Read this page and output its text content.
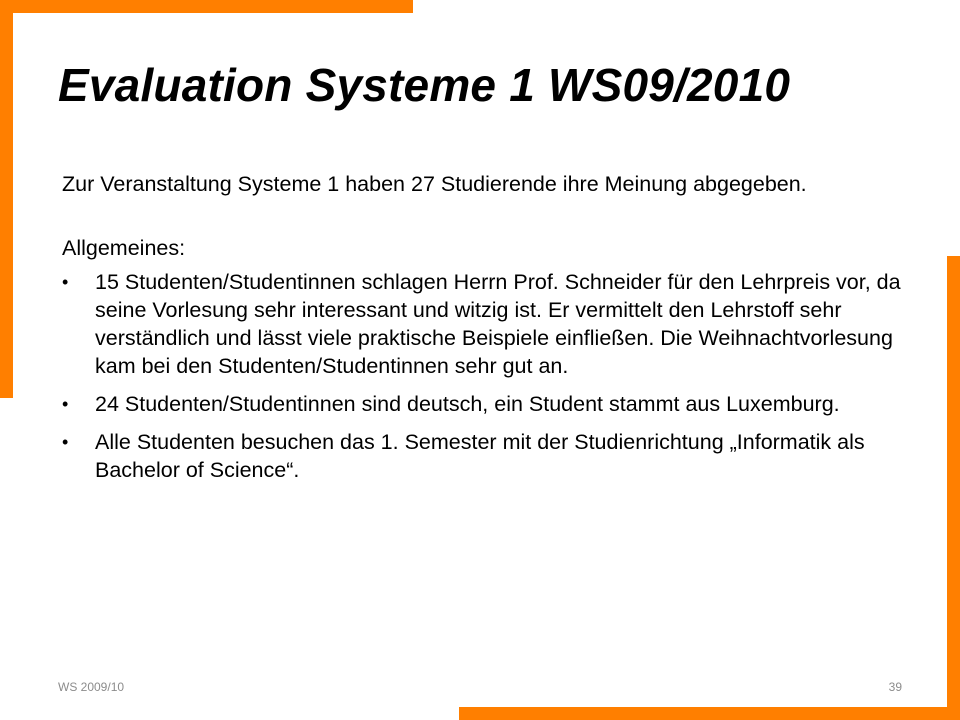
Evaluation Systeme 1 WS09/2010

Zur Veranstaltung Systeme 1 haben 27 Studierende ihre Meinung abgegeben.

Allgemeines:

• 15 Studenten/Studentinnen schlagen Herrn Prof. Schneider für den Lehrpreis vor, da seine Vorlesung sehr interessant und witzig ist. Er vermittelt den Lehrstoff sehr verständlich und lässt viele praktische Beispiele einfließen. Die Weihnachtvorlesung kam bei den Studenten/Studentinnen sehr gut an.
• 24 Studenten/Studentinnen sind deutsch, ein Student stammt aus Luxemburg.
• Alle Studenten besuchen das 1. Semester mit der Studienrichtung „Informatik als Bachelor of Science“.
WS 2009/10	39
